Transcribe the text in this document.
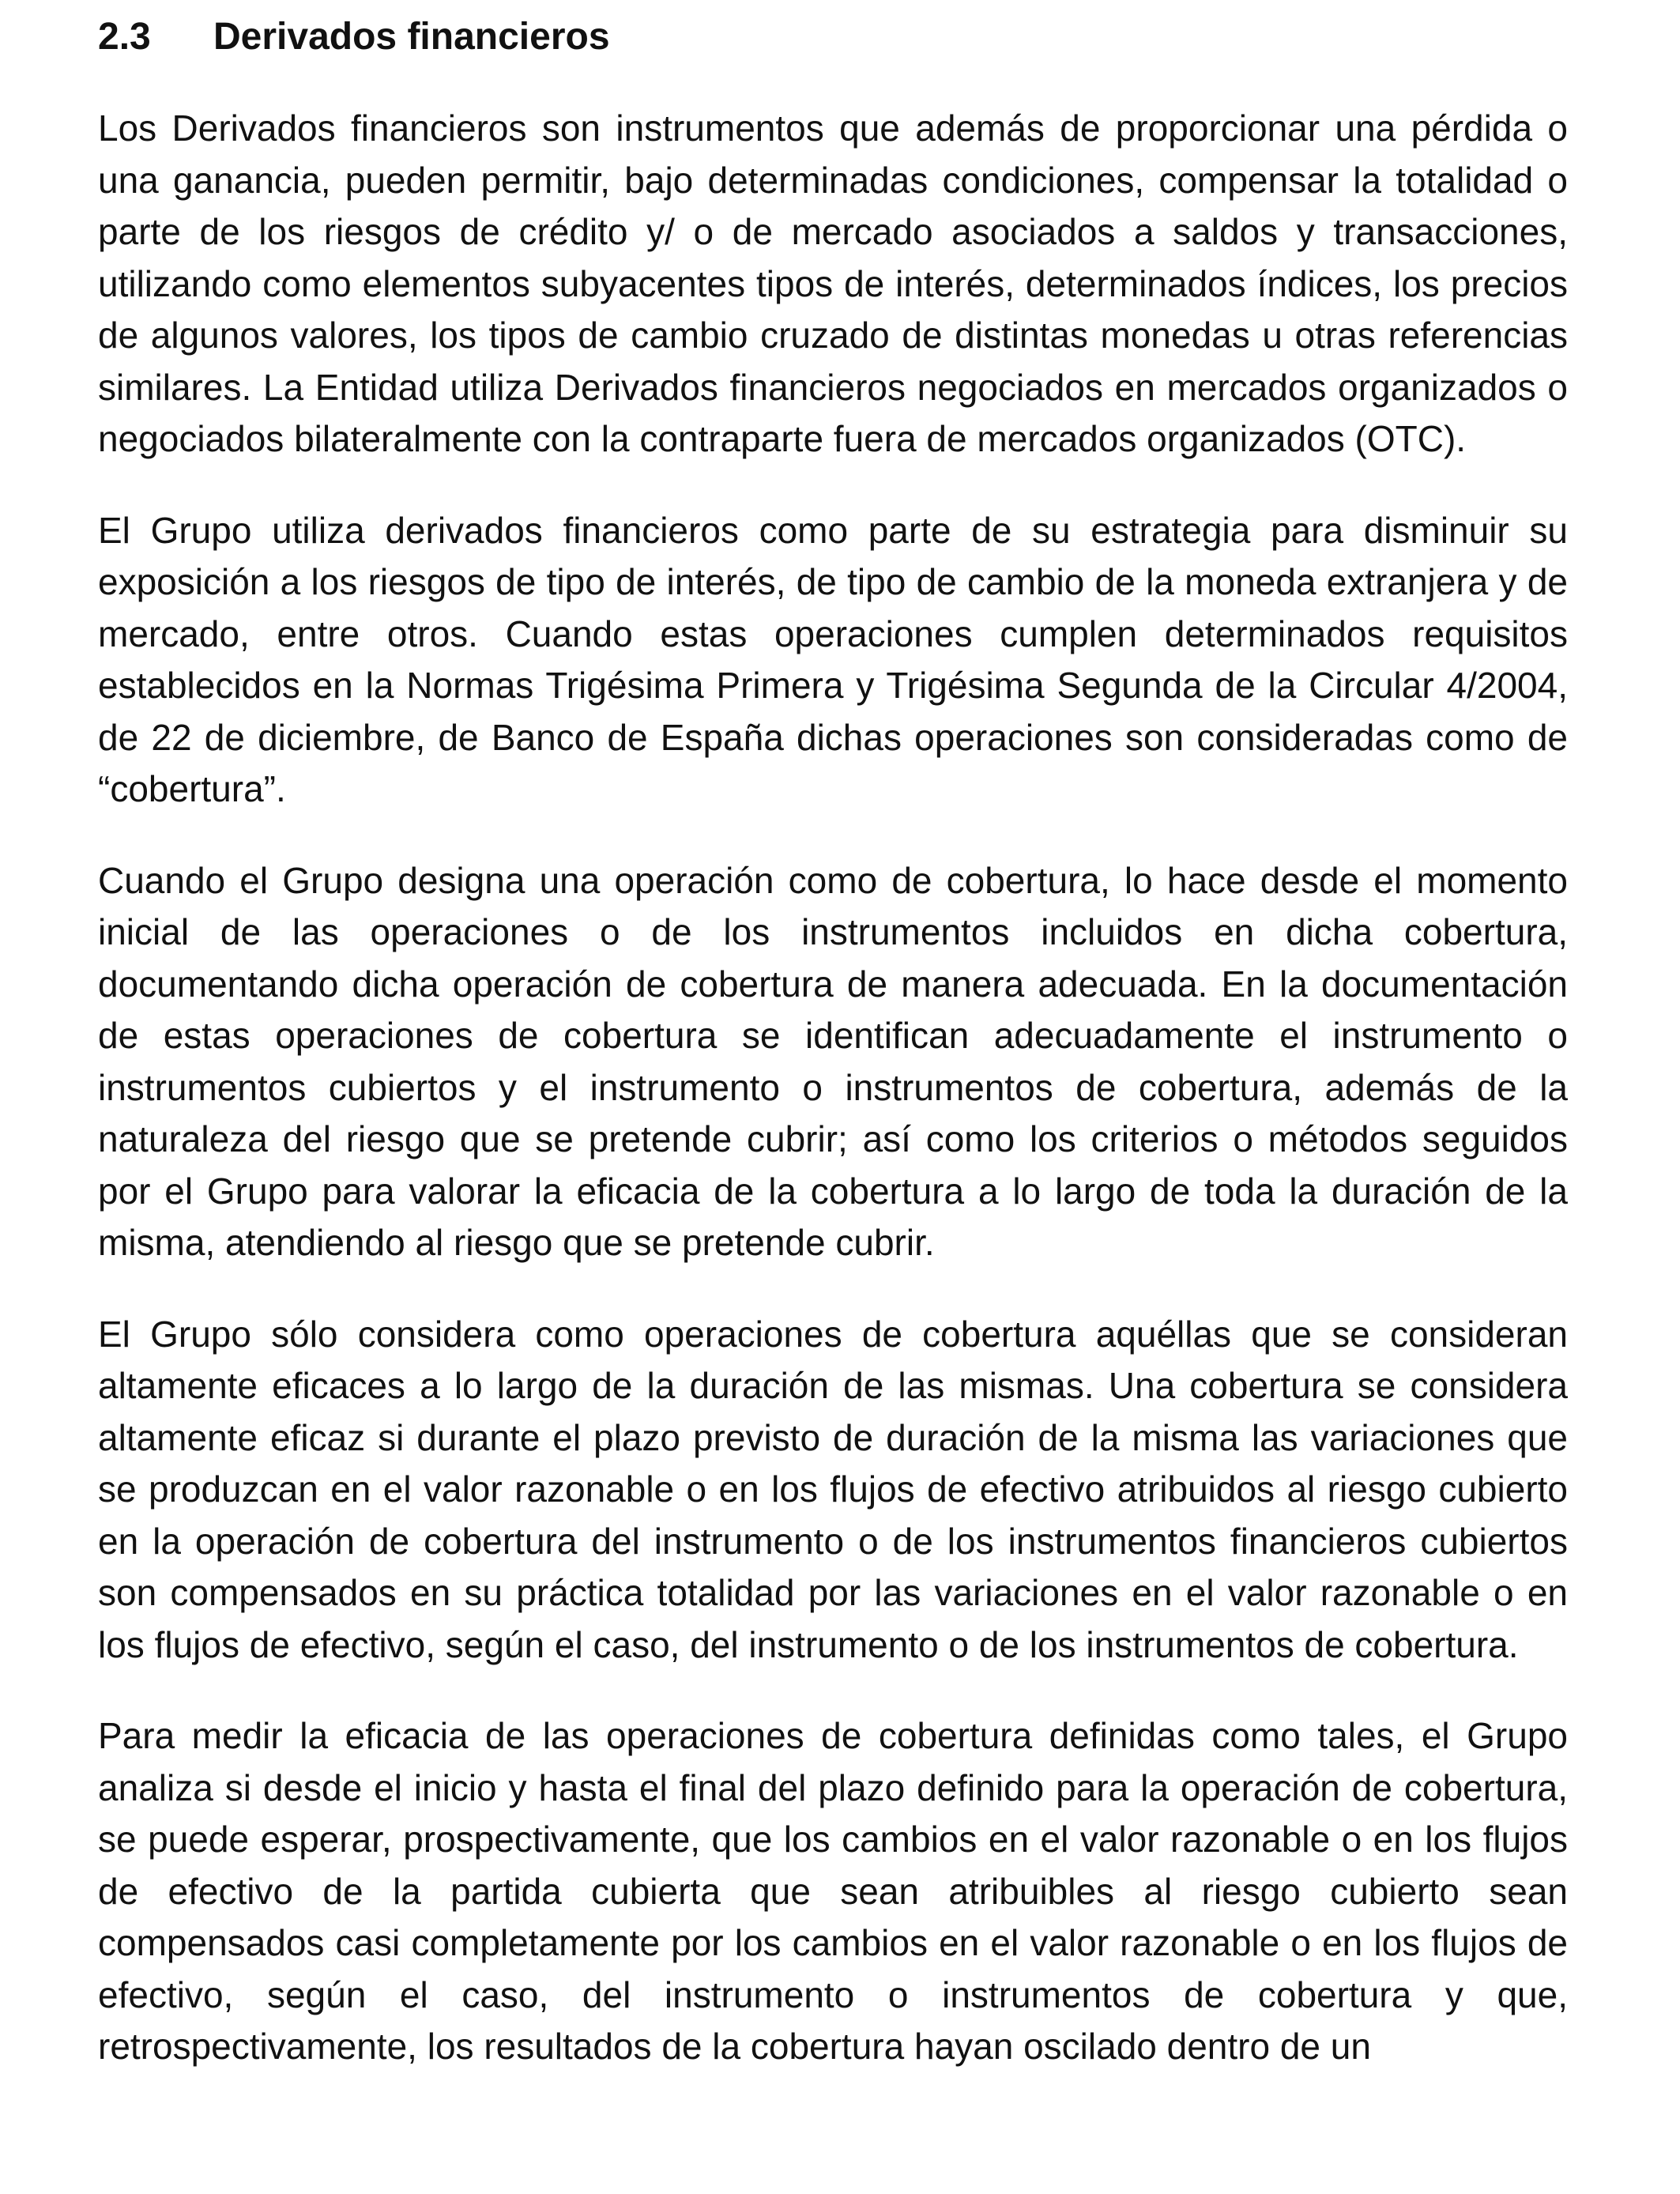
2.3 Derivados financieros

Los Derivados financieros son instrumentos que además de proporcionar una pérdida o una ganancia, pueden permitir, bajo determinadas condiciones, compensar la totalidad o parte de los riesgos de crédito y/ o de mercado asociados a saldos y transacciones, utilizando como elementos subyacentes tipos de interés, determinados índices, los precios de algunos valores, los tipos de cambio cruzado de distintas monedas u otras referencias similares. La Entidad utiliza Derivados financieros negociados en mercados organizados o negociados bilateralmente con la contraparte fuera de mercados organizados (OTC).

El Grupo utiliza derivados financieros como parte de su estrategia para disminuir su exposición a los riesgos de tipo de interés, de tipo de cambio de la moneda extranjera y de mercado, entre otros. Cuando estas operaciones cumplen determinados requisitos establecidos en la Normas Trigésima Primera y Trigésima Segunda de la Circular 4/2004, de 22 de diciembre, de Banco de España dichas operaciones son consideradas como de “cobertura”.

Cuando el Grupo designa una operación como de cobertura, lo hace desde el momento inicial de las operaciones o de los instrumentos incluidos en dicha cobertura, documentando dicha operación de cobertura de manera adecuada. En la documentación de estas operaciones de cobertura se identifican adecuadamente el instrumento o instrumentos cubiertos y el instrumento o instrumentos de cobertura, además de la naturaleza del riesgo que se pretende cubrir; así como los criterios o métodos seguidos por el Grupo para valorar la eficacia de la cobertura a lo largo de toda la duración de la misma, atendiendo al riesgo que se pretende cubrir.

El Grupo sólo considera como operaciones de cobertura aquéllas que se consideran altamente eficaces a lo largo de la duración de las mismas. Una cobertura se considera altamente eficaz si durante el plazo previsto de duración de la misma las variaciones que se produzcan en el valor razonable o en los flujos de efectivo atribuidos al riesgo cubierto en la operación de cobertura del instrumento o de los instrumentos financieros cubiertos son compensados en su práctica totalidad por las variaciones en el valor razonable o en los flujos de efectivo, según el caso, del instrumento o de los instrumentos de cobertura.

Para medir la eficacia de las operaciones de cobertura definidas como tales, el Grupo analiza si desde el inicio y hasta el final del plazo definido para la operación de cobertura, se puede esperar, prospectivamente, que los cambios en el valor razonable o en los flujos de efectivo de la partida cubierta que sean atribuibles al riesgo cubierto sean compensados casi completamente por los cambios en el valor razonable o en los flujos de efectivo, según el caso, del instrumento o instrumentos de cobertura y que, retrospectivamente, los resultados de la cobertura hayan oscilado dentro de un
